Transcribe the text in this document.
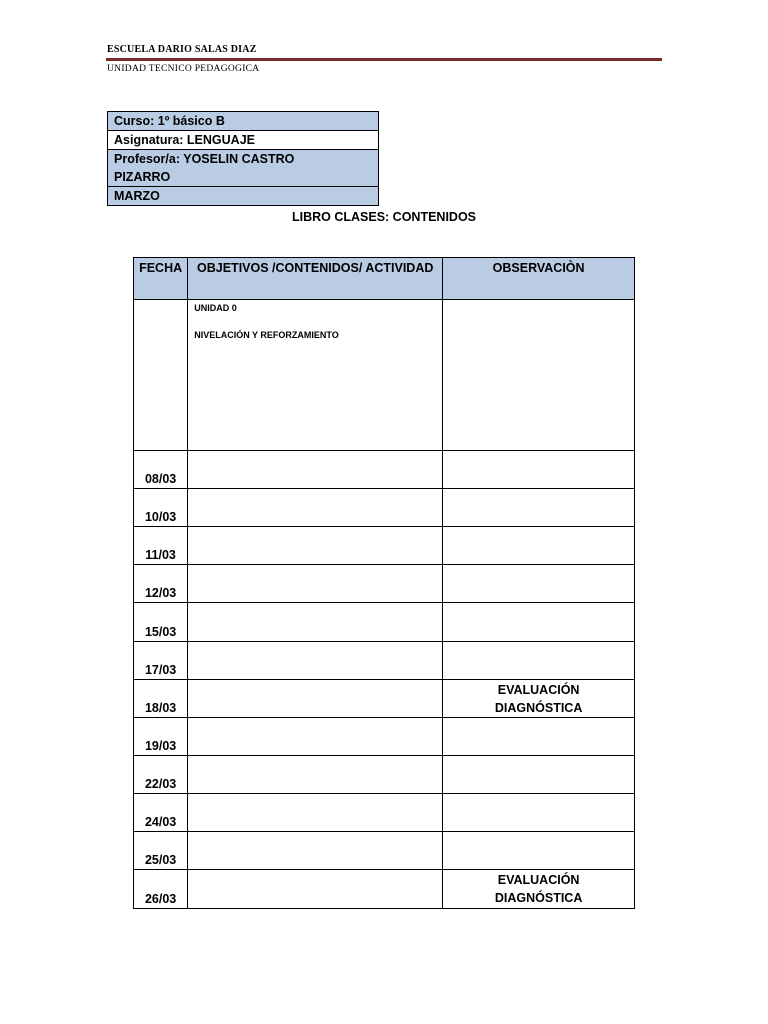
ESCUELA DARIO SALAS DIAZ
UNIDAD TECNICO PEDAGOGICA
Curso: 1º básico B
Asignatura: LENGUAJE

Profesor/a: YOSELIN CASTRO
PIZARRO

MARZO
LIBRO CLASES: CONTENIDOS
FECHA	OBJETIVOS /CONTENIDOS/ ACTIVIDAD	OBSERVACIÒN

	UNIDAD 0
NIVELACIÓN Y REFORZAMIENTO	

08/03		
10/03		
11/03		
12/03		
15/03		
17/03		
18/03		EVALUACIÓN
DIAGNÓSTICA

19/03		
22/03		
24/03		
25/03		
26/03		EVALUACIÓN
DIAGNÓSTICA
